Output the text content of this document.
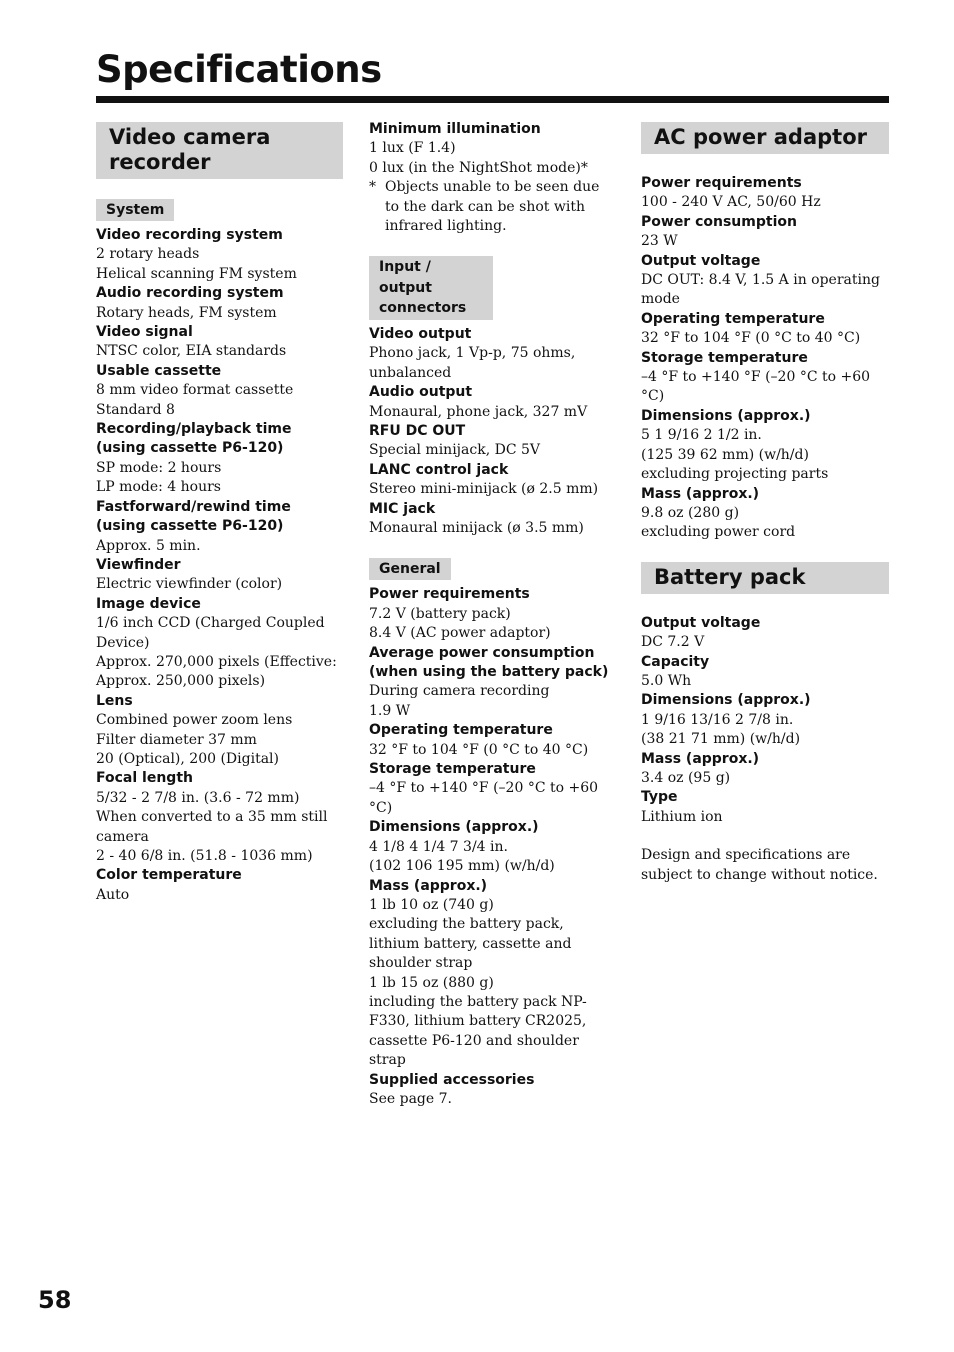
Specifications
Video camera recorder
System
Video recording system
2 rotary heads
Helical scanning FM system
Audio recording system
Rotary heads, FM system
Video signal
NTSC color, EIA standards
Usable cassette
8 mm video format cassette
Standard 8
Recording/playback time (using cassette P6-120)
SP mode: 2 hours
LP mode: 4 hours
Fastforward/rewind time (using cassette P6-120)
Approx. 5 min.
Viewfinder
Electric viewfinder (color)
Image device
1/6 inch CCD (Charged Coupled Device)
Approx. 270,000 pixels (Effective: Approx. 250,000 pixels)
Lens
Combined power zoom lens
Filter diameter 37 mm
20 (Optical), 200 (Digital)
Focal length
5/32 - 2 7/8 in. (3.6 - 72 mm)
When converted to a 35 mm still camera
2 - 40 6/8 in. (51.8 - 1036 mm)
Color temperature
Auto
Minimum illumination
1 lux (F 1.4)
0 lux (in the NightShot mode)*
* Objects unable to be seen due to the dark can be shot with infrared lighting.
Input / output connectors
Video output
Phono jack, 1 Vp-p, 75 ohms, unbalanced
Audio output
Monaural, phone jack, 327 mV
RFU DC OUT
Special minijack, DC 5V
LANC control jack
Stereo mini-minijack (ø 2.5 mm)
MIC jack
Monaural minijack (ø 3.5 mm)
General
Power requirements
7.2 V (battery pack)
8.4 V (AC power adaptor)
Average power consumption (when using the battery pack)
During camera recording
1.9 W
Operating temperature
32 °F to 104 °F (0 °C to 40 °C)
Storage temperature
–4 °F to +140 °F (–20 °C to +60 °C)
Dimensions (approx.)
4 1/8 4 1/4 7 3/4 in.
(102 106 195 mm) (w/h/d)
Mass (approx.)
1 lb 10 oz (740 g)
excluding the battery pack, lithium battery, cassette and shoulder strap
1 lb 15 oz (880 g)
including the battery pack NP-F330, lithium battery CR2025, cassette P6-120 and shoulder strap
Supplied accessories
See page 7.
AC power adaptor
Power requirements
100 - 240 V AC, 50/60 Hz
Power consumption
23 W
Output voltage
DC OUT: 8.4 V, 1.5 A in operating mode
Operating temperature
32 °F to 104 °F (0 °C to 40 °C)
Storage temperature
–4 °F to +140 °F (–20 °C to +60 °C)
Dimensions (approx.)
5 1 9/16 2 1/2 in.
(125 39 62 mm) (w/h/d)
excluding projecting parts
Mass (approx.)
9.8 oz (280 g)
excluding power cord
Battery pack
Output voltage
DC 7.2 V
Capacity
5.0 Wh
Dimensions (approx.)
1 9/16 13/16 2 7/8 in.
(38 21 71 mm) (w/h/d)
Mass (approx.)
3.4 oz (95 g)
Type
Lithium ion
Design and specifications are subject to change without notice.
58
